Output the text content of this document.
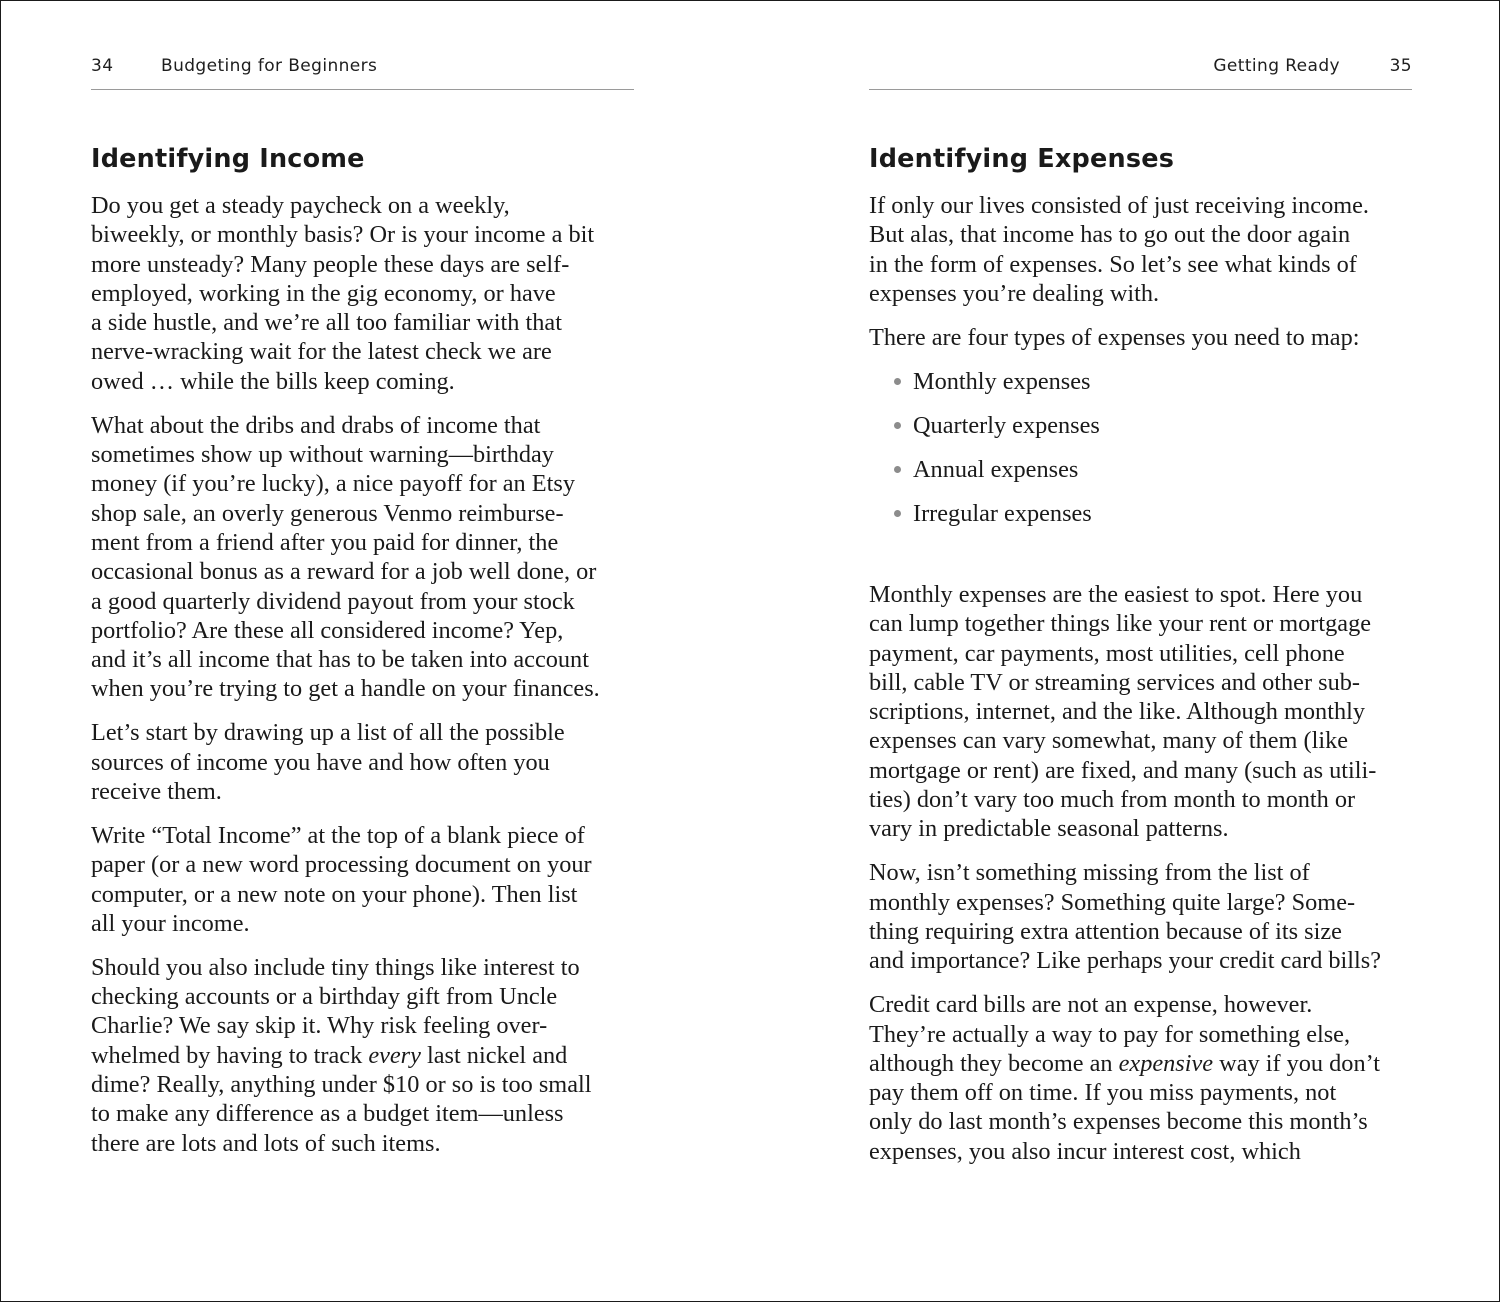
34	Budgeting for Beginners
Identifying Income

Do you get a steady paycheck on a weekly,
biweekly, or monthly basis? Or is your income a bit
more unsteady? Many people these days are self-
employed, working in the gig economy, or have
a side hustle, and we’re all too familiar with that
nerve-wracking wait for the latest check we are
owed … while the bills keep coming.

What about the dribs and drabs of income that
sometimes show up without warning—birthday
money (if you’re lucky), a nice payoff for an Etsy
shop sale, an overly generous Venmo reimburse-
ment from a friend after you paid for dinner, the
occasional bonus as a reward for a job well done, or
a good quarterly dividend payout from your stock
portfolio? Are these all considered income? Yep,
and it’s all income that has to be taken into account
when you’re trying to get a handle on your finances.

Let’s start by drawing up a list of all the possible
sources of income you have and how often you
receive them.

Write “Total Income” at the top of a blank piece of
paper (or a new word processing document on your
computer, or a new note on your phone). Then list
all your income.

Should you also include tiny things like interest to
checking accounts or a birthday gift from Uncle
Charlie? We say skip it. Why risk feeling over-
whelmed by having to track every last nickel and
dime? Really, anything under $10 or so is too small
to make any difference as a budget item—unless
there are lots and lots of such items.

Getting Ready	35
Identifying Expenses

If only our lives consisted of just receiving income.
But alas, that income has to go out the door again
in the form of expenses. So let’s see what kinds of
expenses you’re dealing with.

There are four types of expenses you need to map:

Monthly expenses
Quarterly expenses
Annual expenses
Irregular expenses

Monthly expenses are the easiest to spot. Here you
can lump together things like your rent or mortgage
payment, car payments, most utilities, cell phone
bill, cable TV or streaming services and other sub-
scriptions, internet, and the like. Although monthly
expenses can vary somewhat, many of them (like
mortgage or rent) are fixed, and many (such as utili-
ties) don’t vary too much from month to month or
vary in predictable seasonal patterns.

Now, isn’t something missing from the list of
monthly expenses? Something quite large? Some-
thing requiring extra attention because of its size
and importance? Like perhaps your credit card bills?

Credit card bills are not an expense, however.
They’re actually a way to pay for something else,
although they become an expensive way if you don’t
pay them off on time. If you miss payments, not
only do last month’s expenses become this month’s
expenses, you also incur interest cost, which
